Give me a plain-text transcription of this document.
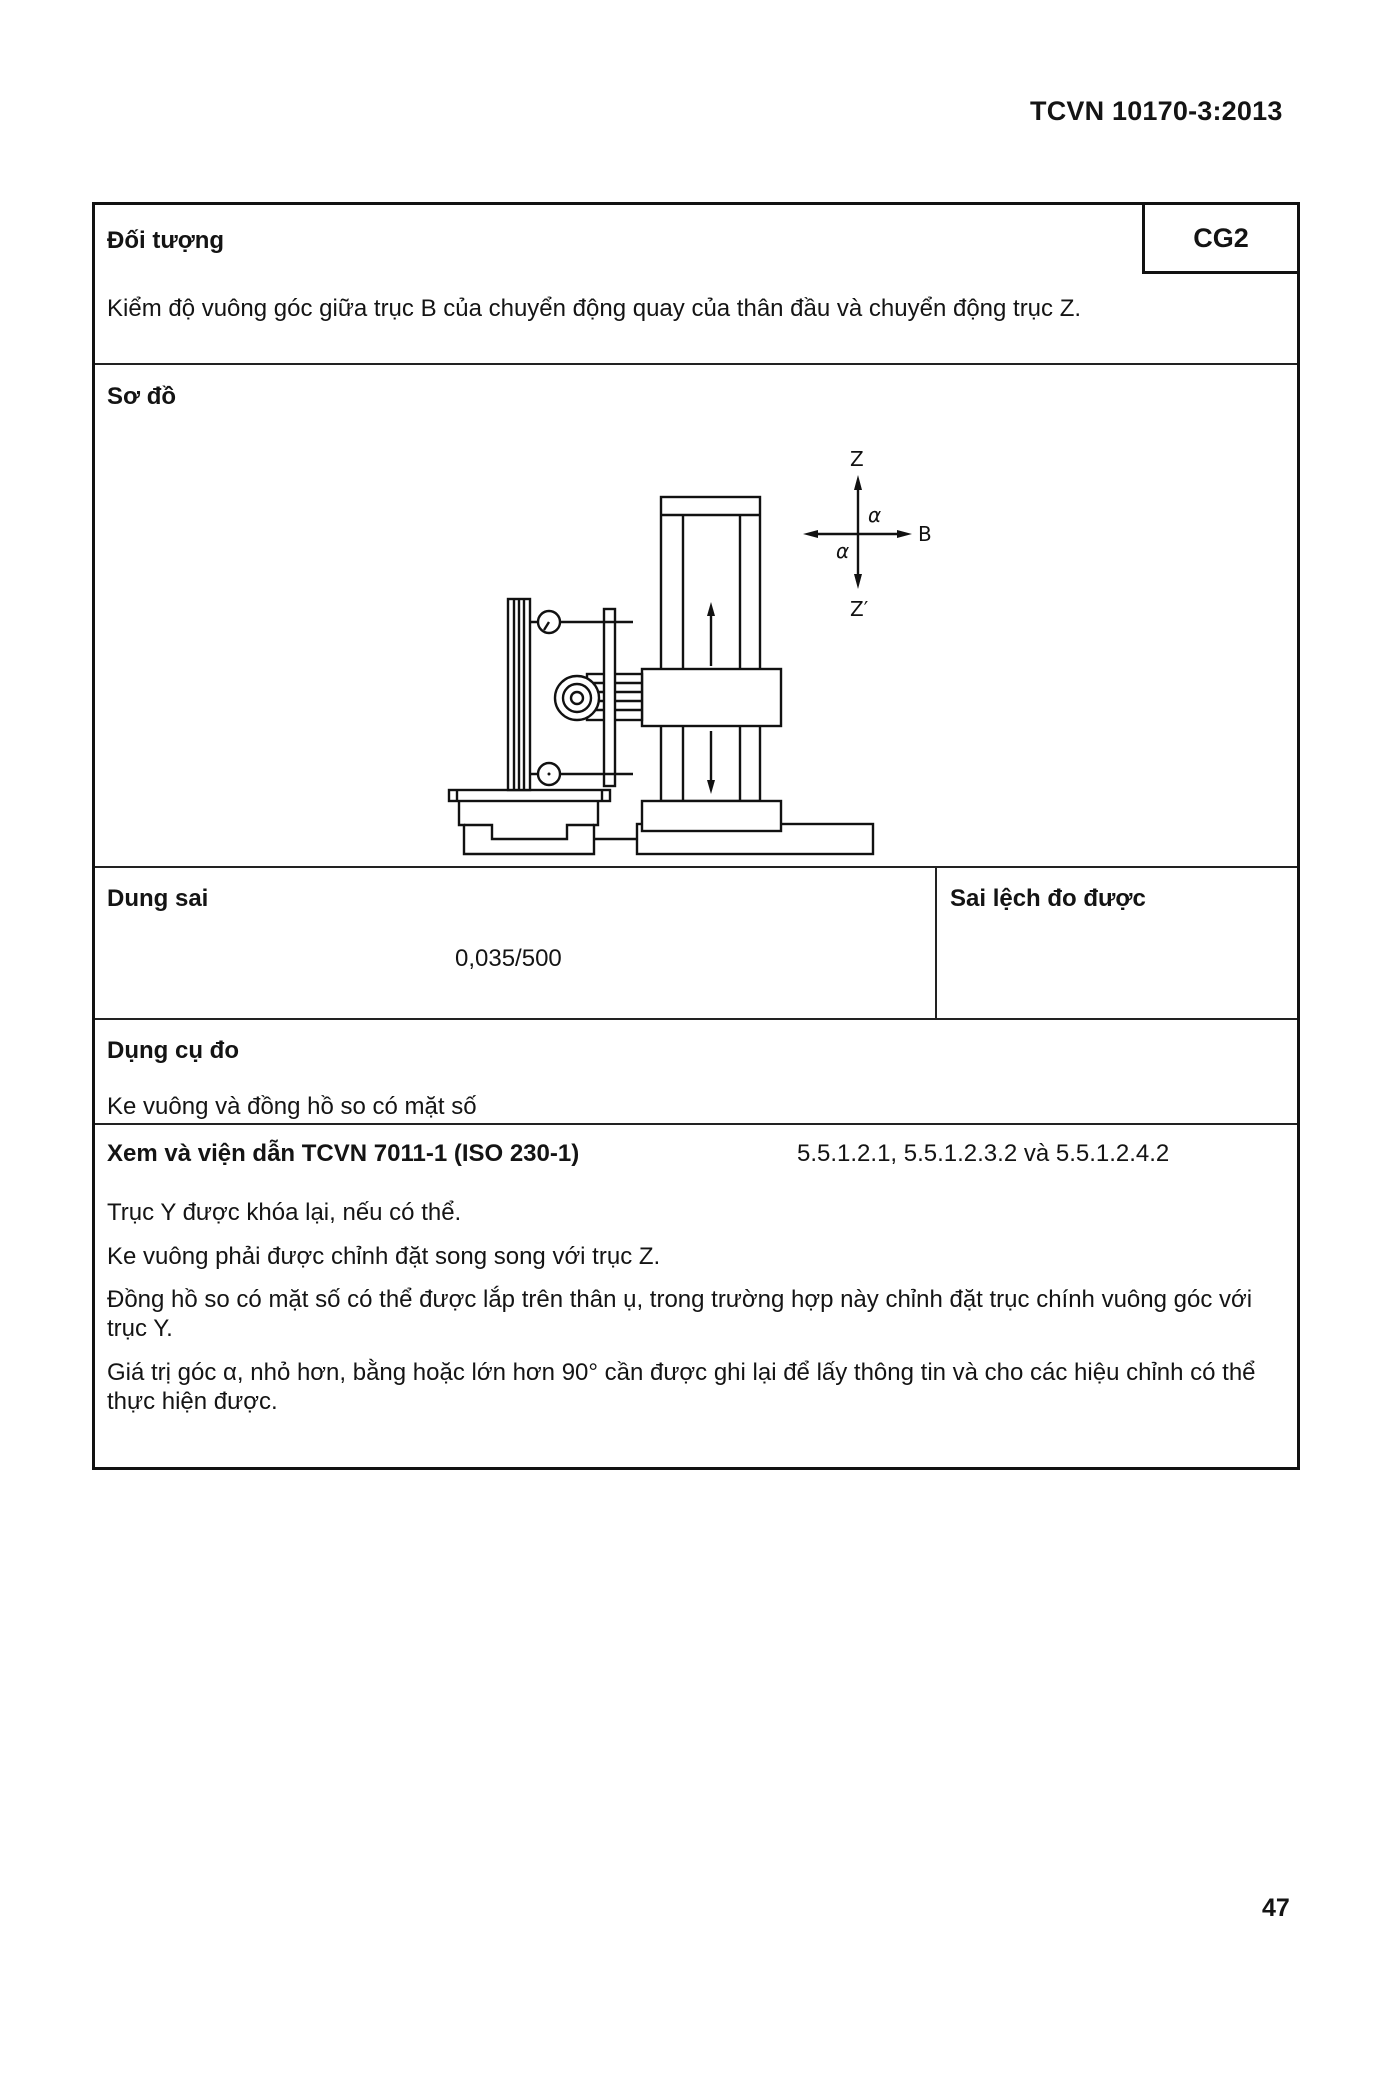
TCVN 10170-3:2013
Đối tượng	CG2
Kiểm độ vuông góc giữa trục B của chuyển động quay của thân đầu và chuyển động trục Z.
Sơ đồ
Z
Z′
B
α
α
Dung sai
0,035/500
Sai lệch đo được
Dụng cụ đo
Ke vuông và đồng hồ so có mặt số
Xem và viện dẫn TCVN 7011-1 (ISO 230-1)	5.5.1.2.1, 5.5.1.2.3.2 và 5.5.1.2.4.2
Trục Y được khóa lại, nếu có thể.
Ke vuông phải được chỉnh đặt song song với trục Z.
Đồng hồ so có mặt số có thể được lắp trên thân ụ, trong trường hợp này chỉnh đặt trục chính vuông góc với trục Y.
Giá trị góc α, nhỏ hơn, bằng hoặc lớn hơn 90° cần được ghi lại để lấy thông tin và cho các hiệu chỉnh có thể thực hiện được.
47
